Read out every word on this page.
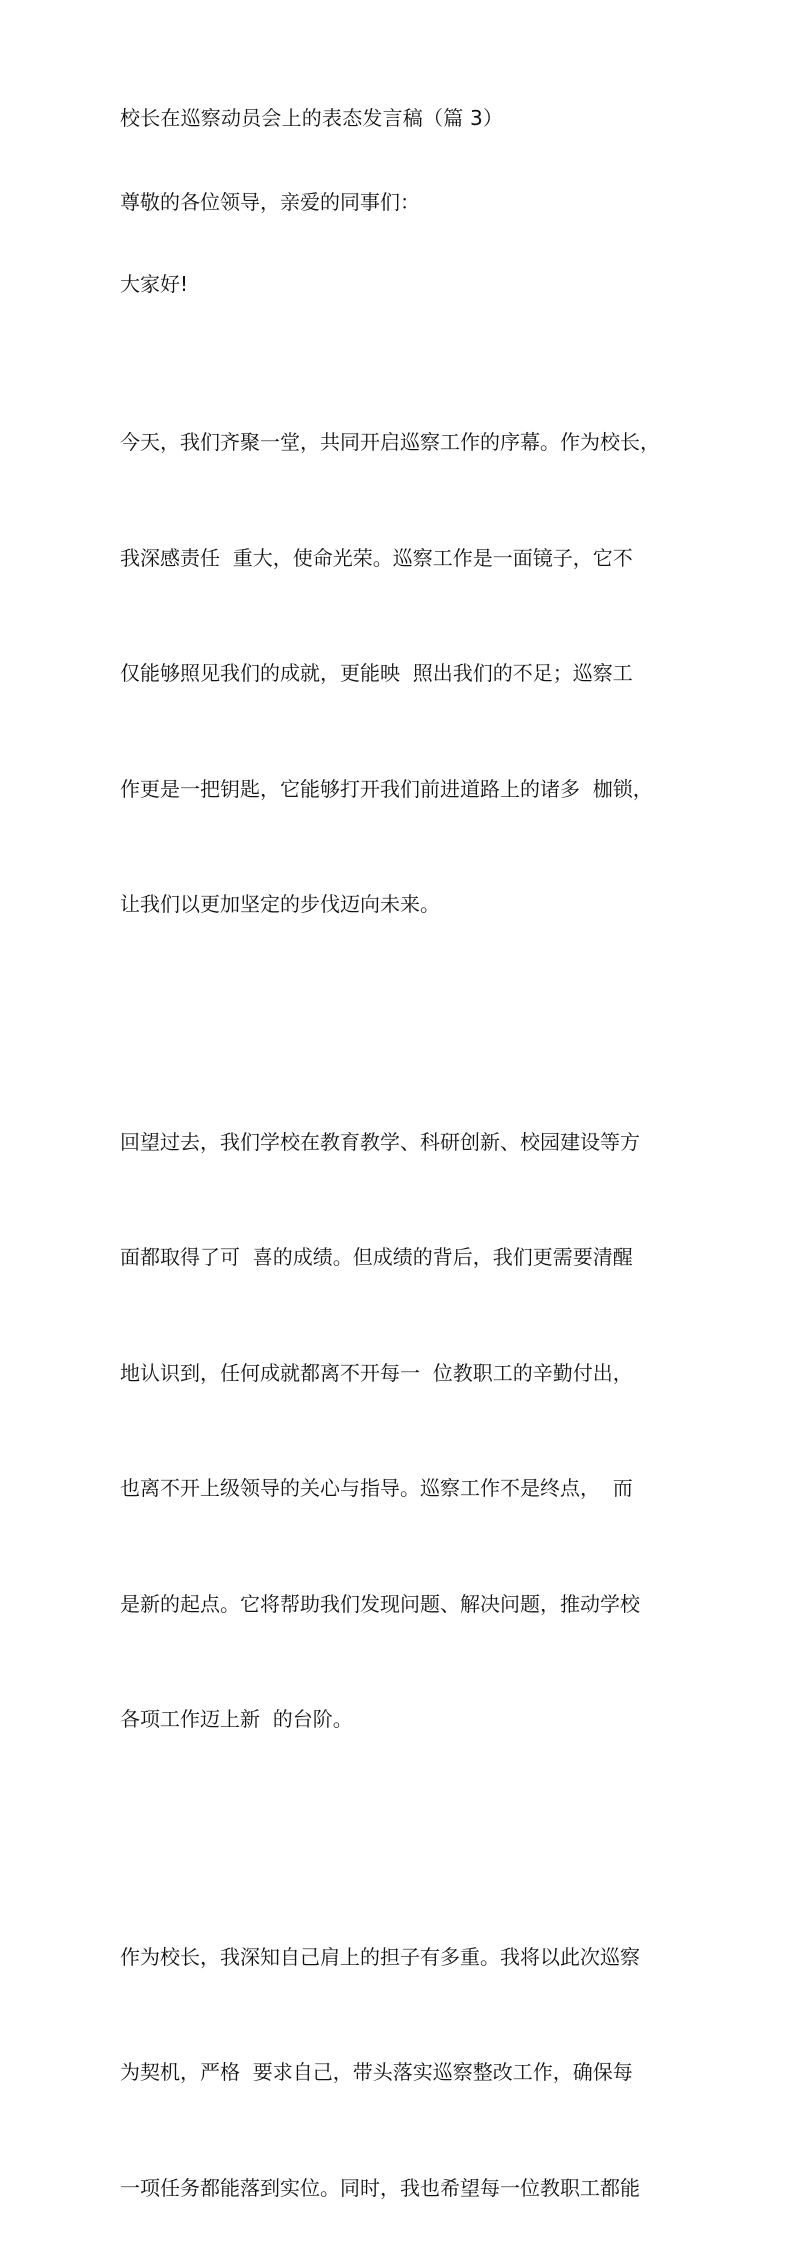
校长在巡察动员会上的表态发言稿（篇 3）

尊敬的各位领导，亲爱的同事们：

大家好!

今天，我们齐聚一堂，共同开启巡察工作的序幕。作为校长，

我深感责任  重大，使命光荣。巡察工作是一面镜子，它不

仅能够照见我们的成就，更能映  照出我们的不足；巡察工

作更是一把钥匙，它能够打开我们前进道路上的诸多  枷锁，

让我们以更加坚定的步伐迈向未来。

回望过去，我们学校在教育教学、科研创新、校园建设等方

面都取得了可  喜的成绩。但成绩的背后，我们更需要清醒

地认识到，任何成就都离不开每一  位教职工的辛勤付出，

也离不开上级领导的关心与指导。巡察工作不是终点，  而

是新的起点。它将帮助我们发现问题、解决问题，推动学校

各项工作迈上新  的台阶。

作为校长，我深知自己肩上的担子有多重。我将以此次巡察

为契机，严格  要求自己，带头落实巡察整改工作，确保每

一项任务都能落到实位。同时，我也希望每一位教职工都能
